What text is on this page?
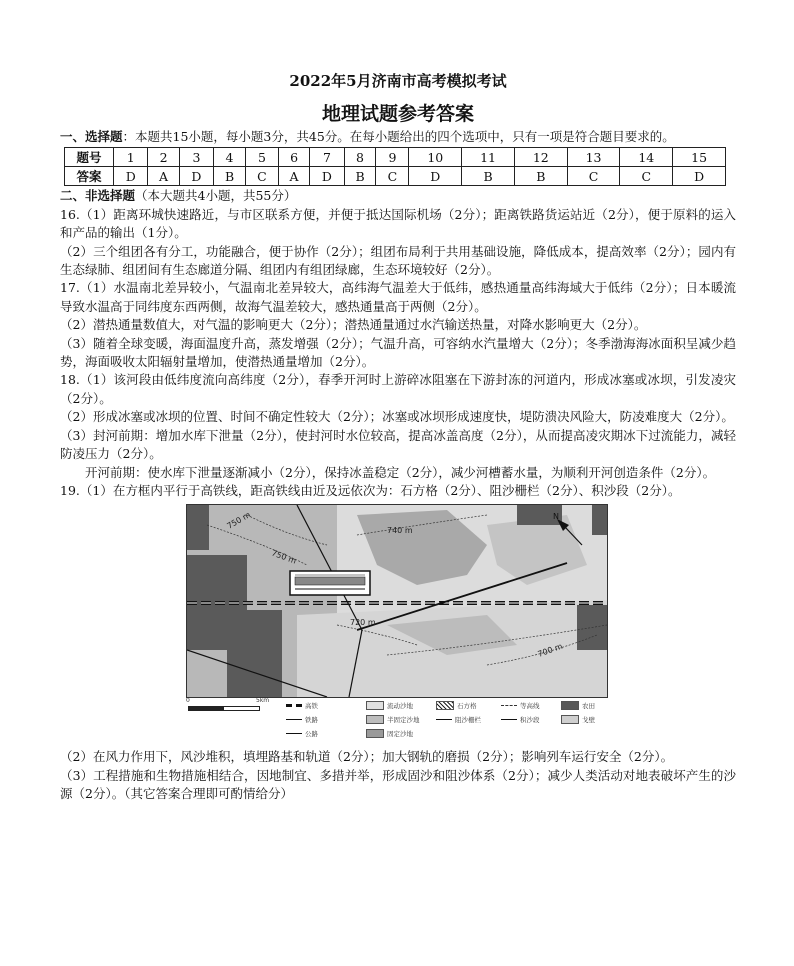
2022年5月济南市高考模拟考试

地理试题参考答案

一、选择题：本题共15小题，每小题3分，共45分。在每小题给出的四个选项中，只有一项是符合题目要求的。

题号	1	2	3	4	5	6	7	8	9	10	11	12	13	14	15
答案	D	A	D	B	C	A	D	B	C	D	B	B	C	C	D

二、非选择题（本大题共4小题，共55分）

16.（1）距离环城快速路近，与市区联系方便，并便于抵达国际机场（2分）；距离铁路货运站近（2分），便于原料的运入和产品的输出（1分）。

（2）三个组团各有分工，功能融合，便于协作（2分）；组团布局利于共用基础设施，降低成本，提高效率（2分）；园内有生态绿肺、组团间有生态廊道分隔、组团内有组团绿廊，生态环境较好（2分）。

17.（1）水温南北差异较小，气温南北差异较大，高纬海气温差大于低纬，感热通量高纬海域大于低纬（2分）；日本暖流导致水温高于同纬度东西两侧，故海气温差较大，感热通量高于两侧（2分）。

（2）潜热通量数值大，对气温的影响更大（2分）；潜热通量通过水汽输送热量，对降水影响更大（2分）。

（3）随着全球变暖，海面温度升高，蒸发增强（2分）；气温升高，可容纳水汽量增大（2分）；冬季渤海海冰面积呈减少趋势，海面吸收太阳辐射量增加，使潜热通量增加（2分）。

18.（1）该河段由低纬度流向高纬度（2分），春季开河时上游碎冰阻塞在下游封冻的河道内，形成冰塞或冰坝，引发凌灾（2分）。

（2）形成冰塞或冰坝的位置、时间不确定性较大（2分）；冰塞或冰坝形成速度快，堤防溃决风险大，防凌难度大（2分）。

（3）封河前期：增加水库下泄量（2分），使封河时水位较高，提高冰盖高度（2分），从而提高凌灾期冰下过流能力，减轻防凌压力（2分）。

开河前期：使水库下泄量逐渐减小（2分），保持冰盖稳定（2分），减少河槽蓄水量，为顺利开河创造条件（2分）。

19.（1）在方框内平行于高铁线，距高铁线由近及远依次为：石方格（2分）、阻沙栅栏（2分）、积沙段（2分）。

750 m
750 m
740 m
720 m
700 m
N
0	5km
高铁
铁路
公路
流动沙地
半固定沙地
固定沙地
石方格
阻沙栅栏
等高线
积沙段
农田
戈壁

（2）在风力作用下，风沙堆积，填埋路基和轨道（2分）；加大钢轨的磨损（2分）；影响列车运行安全（2分）。

（3）工程措施和生物措施相结合，因地制宜、多措并举，形成固沙和阻沙体系（2分）；减少人类活动对地表破坏产生的沙源（2分）。（其它答案合理即可酌情给分）
